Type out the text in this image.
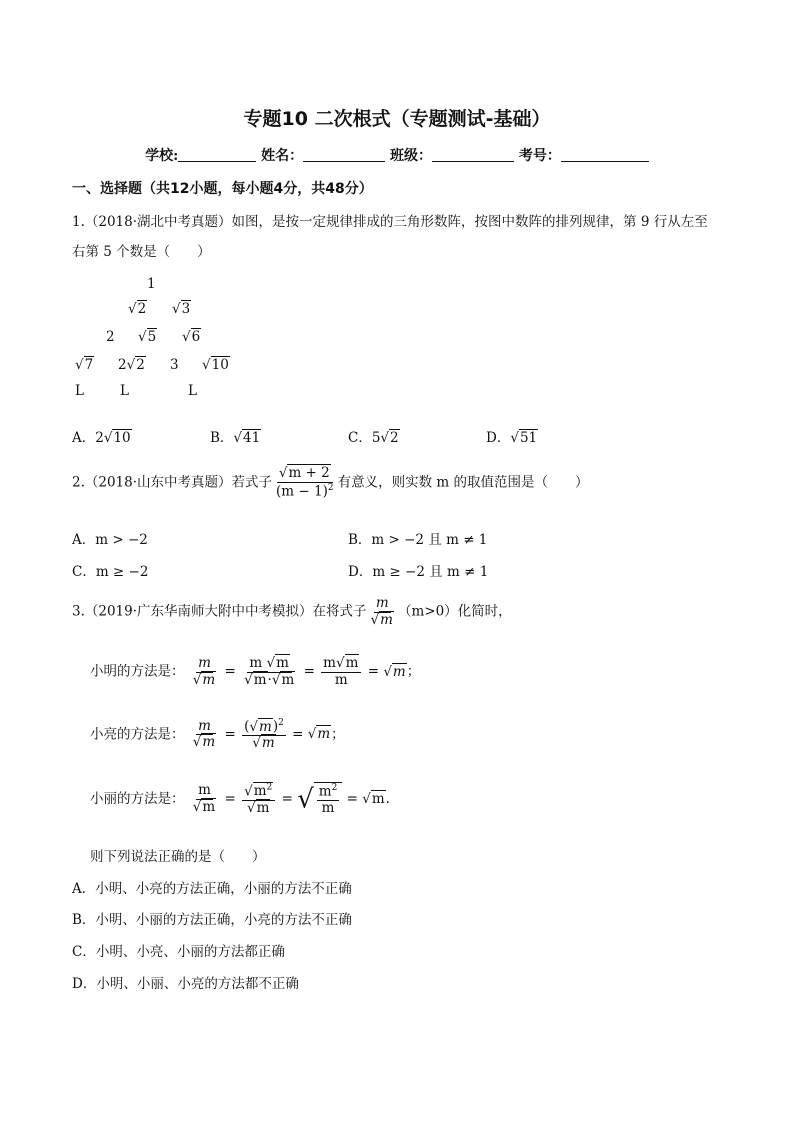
专题10 二次根式（专题测试-基础）
学校:	姓名：	班级：	考号：
一、选择题（共12小题，每小题4分，共48分）
1.（2018·湖北中考真题）如图，是按一定规律排成的三角形数阵，按图中数阵的排列规律，第 9 行从左至
右第 5 个数是（　　）
1
√2 √3
2 √5 √6
√7 2√2 3 √10
L	L	L
A．2√10	B．√41	C．5√2	D．√51
2.（2018·山东中考真题）若式子 $\frac{√m + 2}{(m - 1)^2}$ 有意义，则实数 m 的取值范围是（　　）
A．m > −2	B．m > −2 且 m ≠ 1
C．m ≥ −2	D．m ≥ −2 且 m ≠ 1
3.（2019·广东华南师大附中中考模拟）在将式子 $\frac{m}{√m} (m>0)$化简时，
小明的方法是： $\frac{m}{√m} = \frac{m √m}{√m\cdot√m} = \frac{m√m}{m} = √m$；
小亮的方法是： $\frac{m}{√m} = \frac{(√m)^2}{√m} = √m$；
小丽的方法是： $\frac{m}{√m} = \frac{√m^2}{√m}$ = √ $\frac{m^2}{m} = √m$.
则下列说法正确的是（　　）
A．小明、小亮的方法正确，小丽的方法不正确
B．小明、小丽的方法正确，小亮的方法不正确
C．小明、小亮、小丽的方法都正确
D．小明、小丽、小亮的方法都不正确
